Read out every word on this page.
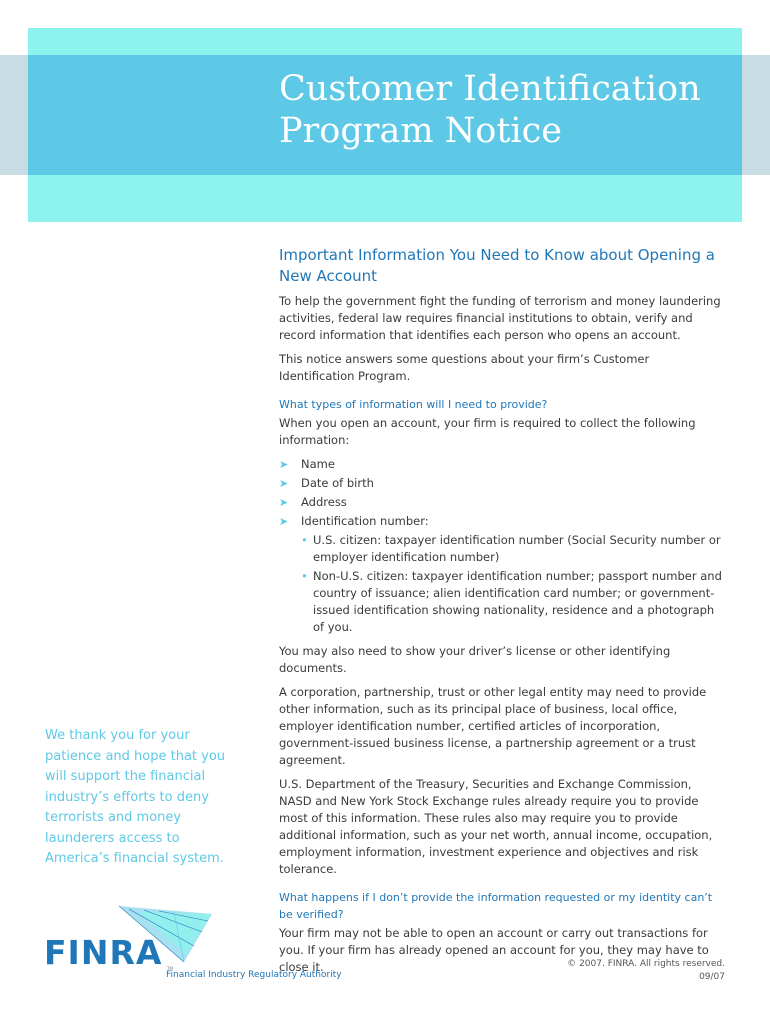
Customer Identification
Program Notice
Important Information You Need to Know about Opening a New Account

To help the government fight the funding of terrorism and money laundering activities, federal law requires financial institutions to obtain, verify and record information that identifies each person who opens an account.

This notice answers some questions about your firm’s Customer Identification Program.

What types of information will I need to provide?

When you open an account, your firm is required to collect the following information:

➤ Name
➤ Date of birth
➤ Address
➤ Identification number:
• U.S. citizen: taxpayer identification number (Social Security number or employer identification number)
• Non-U.S. citizen: taxpayer identification number; passport number and country of issuance; alien identification card number; or government-issued identification showing nationality, residence and a photograph of you.

You may also need to show your driver’s license or other identifying documents.

A corporation, partnership, trust or other legal entity may need to provide other information, such as its principal place of business, local office, employer identification number, certified articles of incorporation, government-issued business license, a partnership agreement or a trust agreement.

U.S. Department of the Treasury, Securities and Exchange Commission, NASD and New York Stock Exchange rules already require you to provide most of this information. These rules also may require you to provide additional information, such as your net worth, annual income, occupation, employment information, investment experience and objectives and risk tolerance.

What happens if I don’t provide the information requested or my identity can’t be verified?

Your firm may not be able to open an account or carry out transactions for you. If your firm has already opened an account for you, they may have to close it.

We thank you for your patience and hope that you will support the financial industry’s efforts to deny terrorists and money launderers access to America’s financial system.

FINRA TM
Financial Industry Regulatory Authority
© 2007. FINRA. All rights reserved.
09/07
